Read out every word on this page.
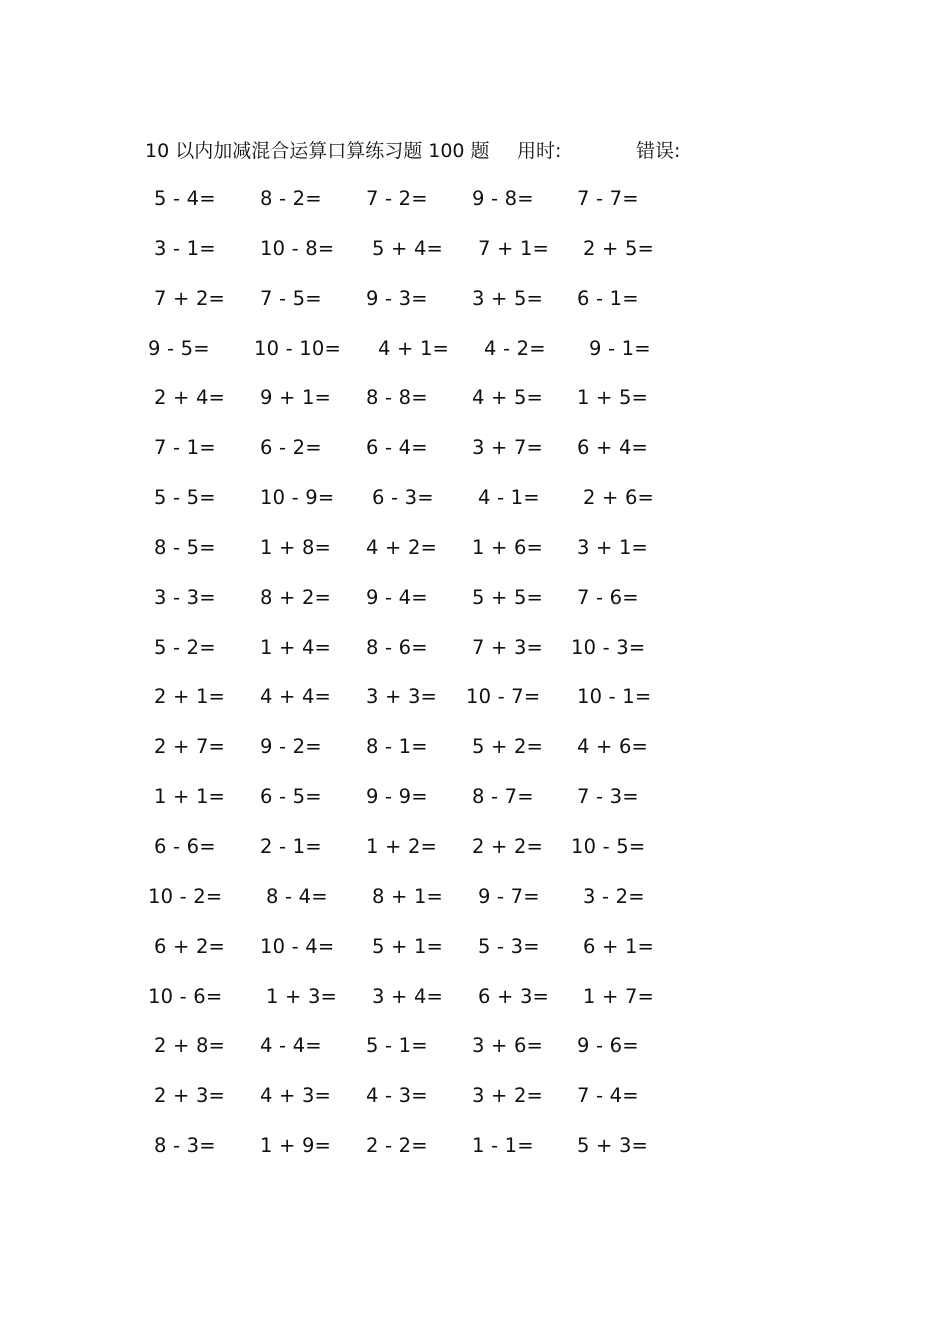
10 以内加减混合运算口算练习题 100 题 用时:	错误:
5 - 4= 8 - 2= 7 - 2= 9 - 8= 7 - 7=
3 - 1= 10 - 8= 5 + 4= 7 + 1= 2 + 5=
7 + 2= 7 - 5= 9 - 3= 3 + 5= 6 - 1=
9 - 5= 10 - 10= 4 + 1= 4 - 2= 9 - 1=
2 + 4= 9 + 1= 8 - 8= 4 + 5= 1 + 5=
7 - 1= 6 - 2= 6 - 4= 3 + 7= 6 + 4=
5 - 5= 10 - 9= 6 - 3= 4 - 1= 2 + 6=
8 - 5= 1 + 8= 4 + 2= 1 + 6= 3 + 1=
3 - 3= 8 + 2= 9 - 4= 5 + 5= 7 - 6=
5 - 2= 1 + 4= 8 - 6= 7 + 3= 10 - 3=
2 + 1= 4 + 4= 3 + 3= 10 - 7= 10 - 1=
2 + 7= 9 - 2= 8 - 1= 5 + 2= 4 + 6=
1 + 1= 6 - 5= 9 - 9= 8 - 7= 7 - 3=
6 - 6= 2 - 1= 1 + 2= 2 + 2= 10 - 5=
10 - 2= 8 - 4= 8 + 1= 9 - 7= 3 - 2=
6 + 2= 10 - 4= 5 + 1= 5 - 3= 6 + 1=
10 - 6= 1 + 3= 3 + 4= 6 + 3= 1 + 7=
2 + 8= 4 - 4= 5 - 1= 3 + 6= 9 - 6=
2 + 3= 4 + 3= 4 - 3= 3 + 2= 7 - 4=
8 - 3= 1 + 9= 2 - 2= 1 - 1= 5 + 3=
